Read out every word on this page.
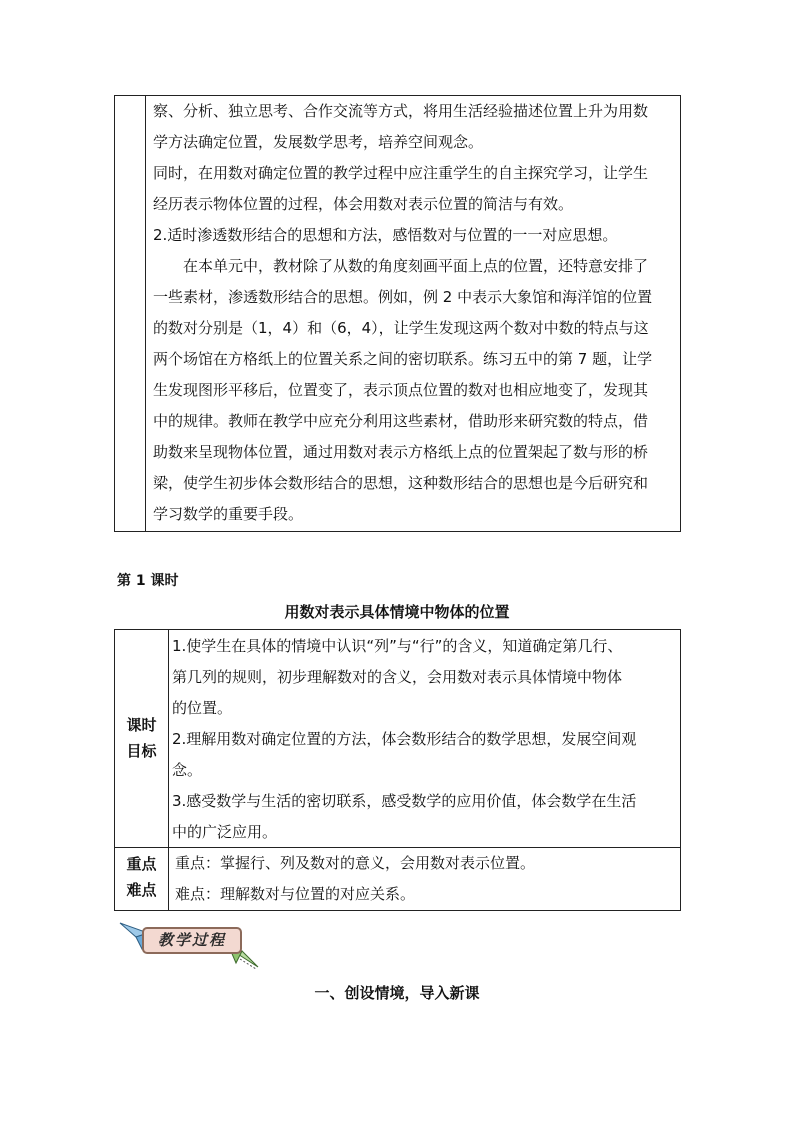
察、分析、独立思考、合作交流等方式，将用生活经验描述位置上升为用数

学方法确定位置，发展数学思考，培养空间观念。

同时，在用数对确定位置的教学过程中应注重学生的自主探究学习，让学生

经历表示物体位置的过程，体会用数对表示位置的简洁与有效。

2.适时渗透数形结合的思想和方法，感悟数对与位置的一一对应思想。

在本单元中，教材除了从数的角度刻画平面上点的位置，还特意安排了

一些素材，渗透数形结合的思想。例如，例 2 中表示大象馆和海洋馆的位置

的数对分别是（1，4）和（6，4），让学生发现这两个数对中数的特点与这

两个场馆在方格纸上的位置关系之间的密切联系。练习五中的第 7 题，让学

生发现图形平移后，位置变了，表示顶点位置的数对也相应地变了，发现其

中的规律。教师在教学中应充分利用这些素材，借助形来研究数的特点，借

助数来呈现物体位置，通过用数对表示方格纸上点的位置架起了数与形的桥

梁，使学生初步体会数形结合的思想，这种数形结合的思想也是今后研究和

学习数学的重要手段。

第 1 课时
用数对表示具体情境中物体的位置
课时
目标
1.使学生在具体的情境中认识“列”与“行”的含义，知道确定第几行、
第几列的规则，初步理解数对的含义，会用数对表示具体情境中物体
的位置。
2.理解用数对确定位置的方法，体会数形结合的数学思想，发展空间观
念。
3.感受数学与生活的密切联系，感受数学的应用价值，体会数学在生活
中的广泛应用。
重点
难点
重点：掌握行、列及数对的意义，会用数对表示位置。
难点：理解数对与位置的对应关系。
教学过程
一、创设情境，导入新课
